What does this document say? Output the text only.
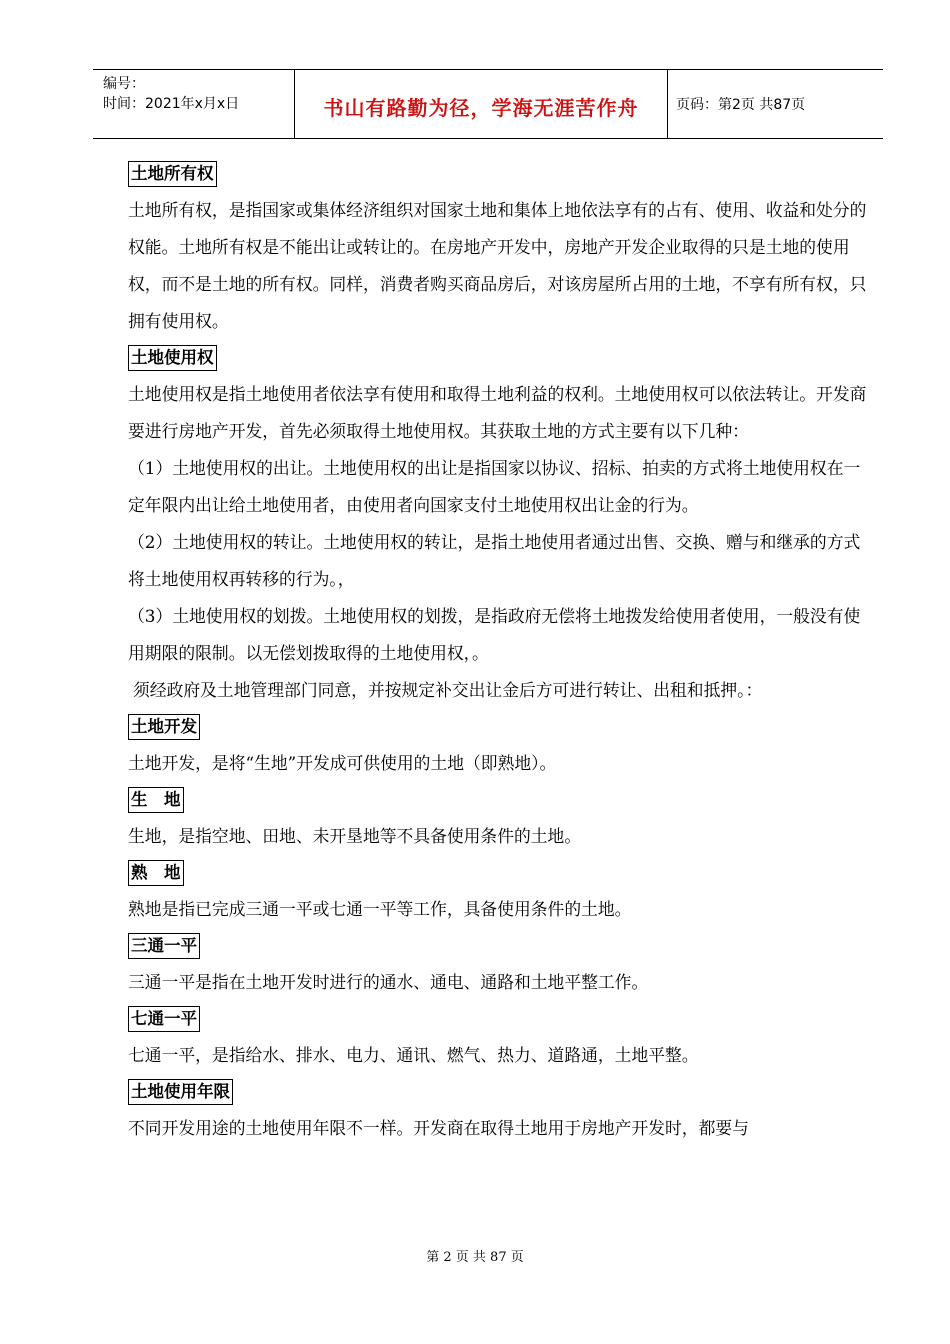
编号：
时间：2021年x月x日	书山有路勤为径，学海无涯苦作舟	页码：第2页 共87页
土地所有权

土地所有权，是指国家或集体经济组织对国家土地和集体上地依法享有的占有、使用、收益和处分的权能。土地所有权是不能出让或转让的。在房地产开发中，房地产开发企业取得的只是土地的使用权，而不是土地的所有权。同样，消费者购买商品房后，对该房屋所占用的土地，不享有所有权，只拥有使用权。

土地使用权

土地使用权是指土地使用者依法享有使用和取得土地利益的权利。土地使用权可以依法转让。开发商要进行房地产开发，首先必须取得土地使用权。其获取土地的方式主要有以下几种：

（1）土地使用权的出让。土地使用权的出让是指国家以协议、招标、拍卖的方式将土地使用权在一定年限内出让给土地使用者，由使用者向国家支付土地使用权出让金的行为。

（2）土地使用权的转让。土地使用权的转让，是指土地使用者通过出售、交换、赠与和继承的方式将土地使用权再转移的行为。，

（3）土地使用权的划拨。土地使用权的划拨，是指政府无偿将土地拨发给使用者使用，一般没有使用期限的限制。以无偿划拨取得的土地使用权，。

须经政府及土地管理部门同意，并按规定补交出让金后方可进行转让、出租和抵押。：

土地开发

土地开发，是将“生地”开发成可供使用的土地（即熟地）。

生　地

生地，是指空地、田地、未开垦地等不具备使用条件的土地。

熟　地

熟地是指已完成三通一平或七通一平等工作，具备使用条件的土地。

三通一平

三通一平是指在土地开发时进行的通水、通电、通路和土地平整工作。

七通一平

七通一平，是指给水、排水、电力、通讯、燃气、热力、道路通，土地平整。

土地使用年限

不同开发用途的土地使用年限不一样。开发商在取得土地用于房地产开发时，都要与

第 2 页 共 87 页
